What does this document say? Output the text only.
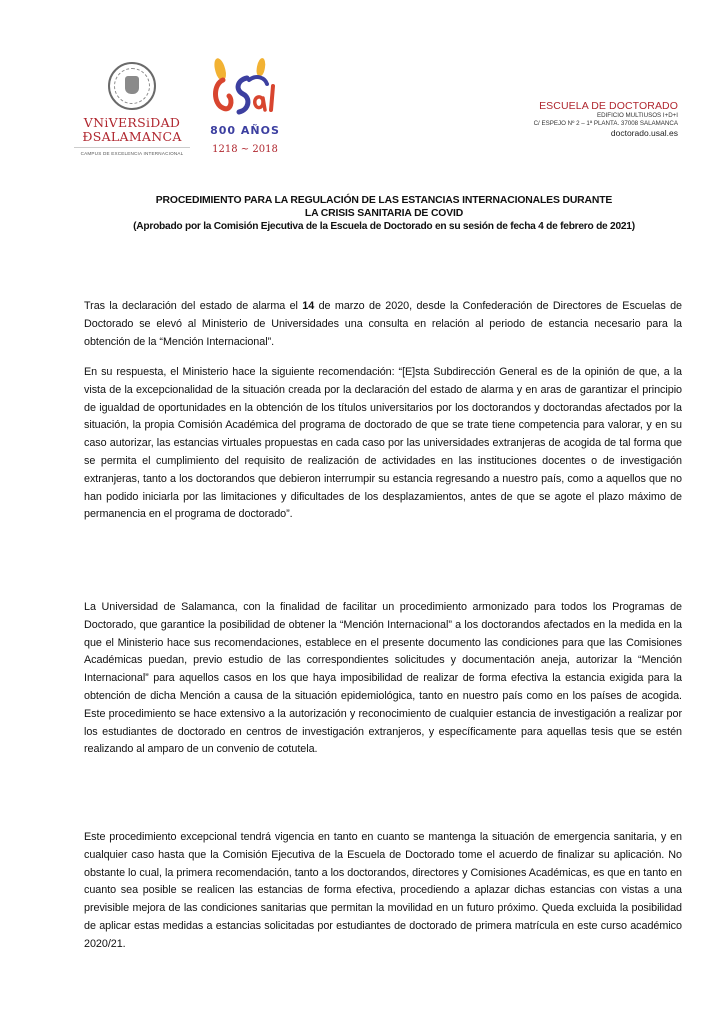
VNiVERSiDAD
ÐSALAMANCA
CAMPUS DE EXCELENCIA INTERNACIONAL
800 AÑOS
1218 ~ 2018
ESCUELA DE DOCTORADO
EDIFICIO MULTIUSOS I+D+I
C/ ESPEJO Nº 2 – 1ª PLANTA. 37008 SALAMANCA
doctorado.usal.es
PROCEDIMIENTO PARA LA REGULACIÓN DE LAS ESTANCIAS INTERNACIONALES DURANTE
LA CRISIS SANITARIA DE COVID
(Aprobado por la Comisión Ejecutiva de la Escuela de Doctorado en su sesión de fecha 4 de febrero de 2021)

Tras la declaración del estado de alarma el 14 de marzo de 2020, desde la Confederación de Directores de Escuelas de Doctorado se elevó al Ministerio de Universidades una consulta en relación al periodo de estancia necesario para la obtención de la “Mención Internacional”.

En su respuesta, el Ministerio hace la siguiente recomendación: “[E]sta Subdirección General es de la opinión de que, a la vista de la excepcionalidad de la situación creada por la declaración del estado de alarma y en aras de garantizar el principio de igualdad de oportunidades en la obtención de los títulos universitarios por los doctorandos y doctorandas afectados por la situación, la propia Comisión Académica del programa de doctorado de que se trate tiene competencia para valorar, y en su caso autorizar, las estancias virtuales propuestas en cada caso por las universidades extranjeras de acogida de tal forma que se permita el cumplimiento del requisito de realización de actividades en las instituciones docentes o de investigación extranjeras, tanto a los doctorandos que debieron interrumpir su estancia regresando a nuestro país, como a aquellos que no han podido iniciarla por las limitaciones y dificultades de los desplazamientos, antes de que se agote el plazo máximo de permanencia en el programa de doctorado”.

La Universidad de Salamanca, con la finalidad de facilitar un procedimiento armonizado para todos los Programas de Doctorado, que garantice la posibilidad de obtener la “Mención Internacional” a los doctorandos afectados en la medida en la que el Ministerio hace sus recomendaciones, establece en el presente documento las condiciones para que las Comisiones Académicas puedan, previo estudio de las correspondientes solicitudes y documentación aneja, autorizar la “Mención Internacional” para aquellos casos en los que haya imposibilidad de realizar de forma efectiva la estancia exigida para la obtención de dicha Mención a causa de la situación epidemiológica, tanto en nuestro país como en los países de acogida. Este procedimiento se hace extensivo a la autorización y reconocimiento de cualquier estancia de investigación a realizar por los estudiantes de doctorado en centros de investigación extranjeros, y específicamente para aquellas tesis que se estén realizando al amparo de un convenio de cotutela.

Este procedimiento excepcional tendrá vigencia en tanto en cuanto se mantenga la situación de emergencia sanitaria, y en cualquier caso hasta que la Comisión Ejecutiva de la Escuela de Doctorado tome el acuerdo de finalizar su aplicación. No obstante lo cual, la primera recomendación, tanto a los doctorandos, directores y Comisiones Académicas, es que en tanto en cuanto sea posible se realicen las estancias de forma efectiva, procediendo a aplazar dichas estancias con vistas a una previsible mejora de las condiciones sanitarias que permitan la movilidad en un futuro próximo. Queda excluida la posibilidad de aplicar estas medidas a estancias solicitadas por estudiantes de doctorado de primera matrícula en este curso académico 2020/21.
